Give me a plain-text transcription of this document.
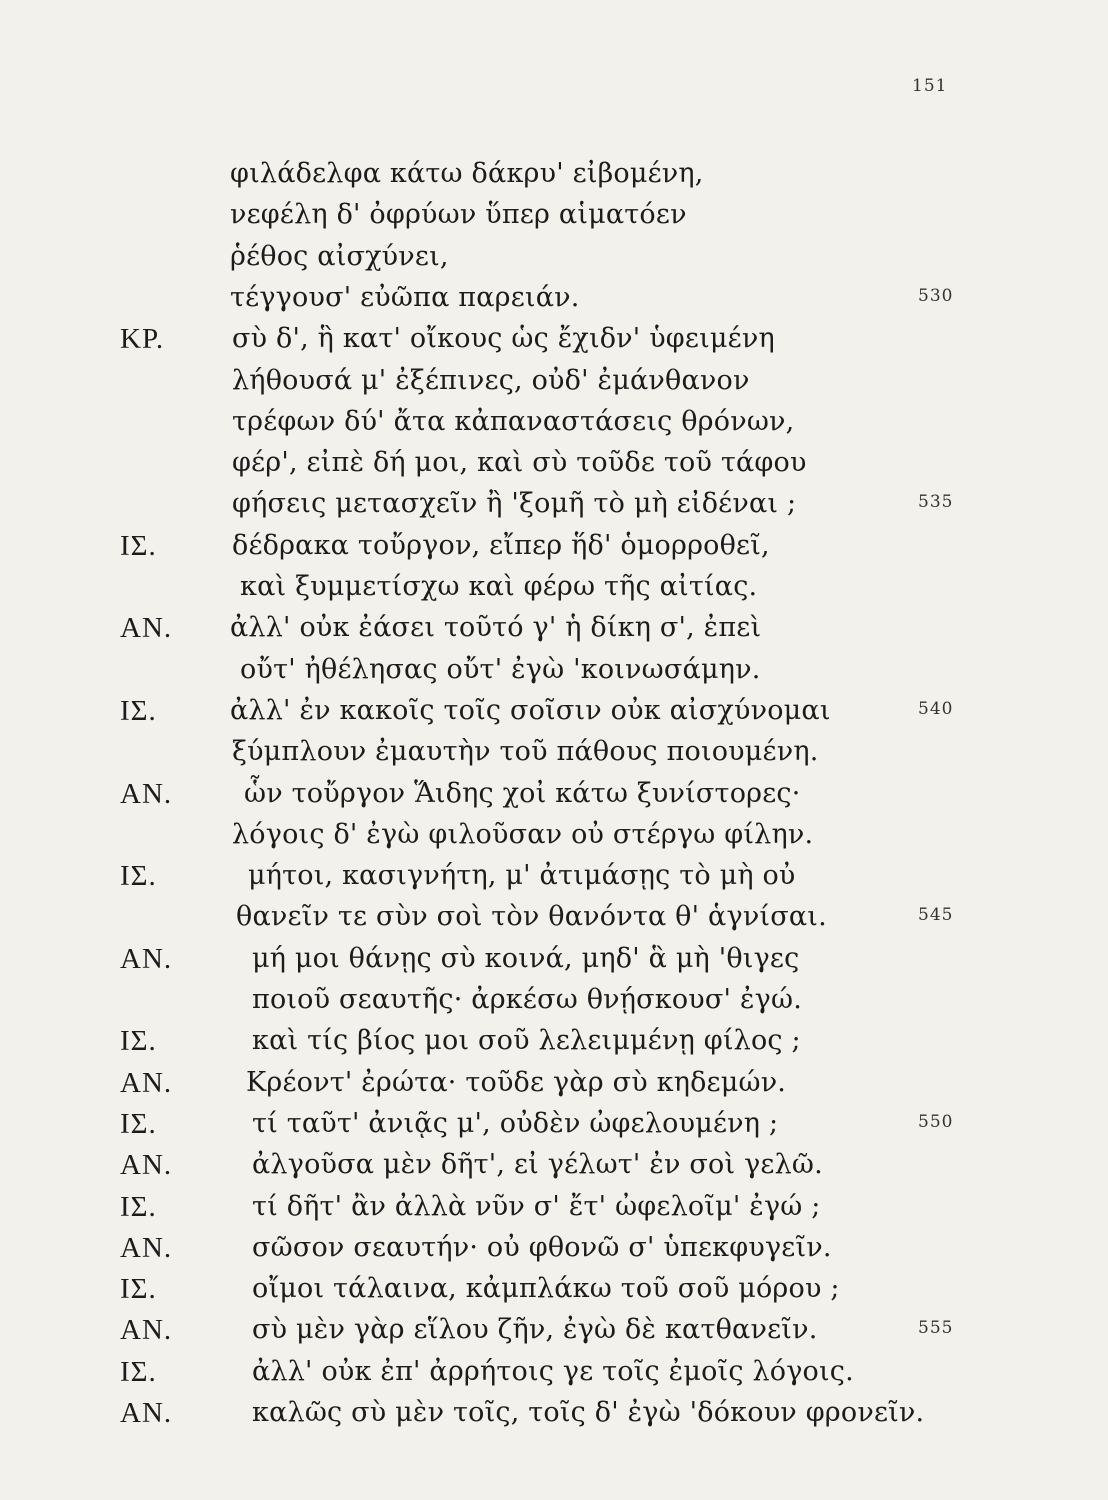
151
φιλάδελφα κάτω δάκρυ' εἰβομένη,
νεφέλη δ' ὀφρύων ὕπερ αἱματόεν
ῥέθος αἰσχύνει,
τέγγουσ' εὐῶπα παρειάν.	530
ΚΡ.	σὺ δ', ἣ κατ' οἴκους ὡς ἔχιδν' ὑφειμένη
λήθουσά μ' ἐξέπινες, οὐδ' ἐμάνθανον
τρέφων δύ' ἄτα κἀπαναστάσεις θρόνων,
φέρ', εἰπὲ δή μοι, καὶ σὺ τοῦδε τοῦ τάφου
φήσεις μετασχεῖν ἢ 'ξομῆ τὸ μὴ εἰδέναι ;	535
ΙΣ.	δέδρακα τοὔργον, εἴπερ ἥδ' ὁμορροθεῖ,
καὶ ξυμμετίσχω καὶ φέρω τῆς αἰτίας.
ΑΝ. ἀλλ' οὐκ ἐάσει τοῦτό γ' ἡ δίκη σ', ἐπεὶ
οὔτ' ἠθέλησας οὔτ' ἐγὼ 'κοινωσάμην.
ΙΣ.	ἀλλ' ἐν κακοῖς τοῖς σοῖσιν οὐκ αἰσχύνομαι	540
ξύμπλουν ἐμαυτὴν τοῦ πάθους ποιουμένη.
ΑΝ.	ὧν τοὔργον Ἅιδης χοἰ κάτω ξυνίστορες·
λόγοις δ' ἐγὼ φιλοῦσαν οὐ στέργω φίλην.
ΙΣ.	μήτοι, κασιγνήτη, μ' ἀτιμάσῃς τὸ μὴ οὐ
θανεῖν τε σὺν σοὶ τὸν θανόντα θ' ἁγνίσαι.	545
ΑΝ.	μή μοι θάνῃς σὺ κοινά, μηδ' ἃ μὴ 'θιγες
ποιοῦ σεαυτῆς· ἀρκέσω θνῄσκουσ' ἐγώ.
ΙΣ.	καὶ τίς βίος μοι σοῦ λελειμμένῃ φίλος ;
ΑΝ.	Κρέοντ' ἐρώτα· τοῦδε γὰρ σὺ κηδεμών.
ΙΣ.	τί ταῦτ' ἀνιᾷς μ', οὐδὲν ὠφελουμένη ;	550
ΑΝ.	ἀλγοῦσα μὲν δῆτ', εἰ γέλωτ' ἐν σοὶ γελῶ.
ΙΣ.	τί δῆτ' ἂν ἀλλὰ νῦν σ' ἔτ' ὠφελοῖμ' ἐγώ ;
ΑΝ.	σῶσον σεαυτήν· οὐ φθονῶ σ' ὑπεκφυγεῖν.
ΙΣ.	οἴμοι τάλαινα, κἀμπλάκω τοῦ σοῦ μόρου ;
ΑΝ.	σὺ μὲν γὰρ εἵλου ζῆν, ἐγὼ δὲ κατθανεῖν.	555
ΙΣ.	ἀλλ' οὐκ ἐπ' ἀρρήτοις γε τοῖς ἐμοῖς λόγοις.
ΑΝ.	καλῶς σὺ μὲν τοῖς, τοῖς δ' ἐγὼ 'δόκουν φρονεῖν.
